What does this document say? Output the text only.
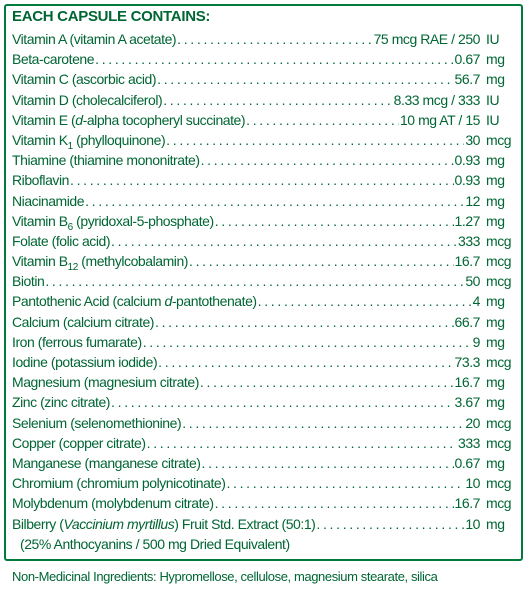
EACH CAPSULE CONTAINS:
Vitamin A (vitamin A acetate) . . .	75 mcg RAE / 250 IU
Beta-carotene . . .	0.67 mg
Vitamin C (ascorbic acid) . . .	56.7 mg
Vitamin D (cholecalciferol) . . .	8.33 mcg / 333 IU
Vitamin E (d-alpha tocopheryl succinate) . . .	10 mg AT / 15 IU
Vitamin $K_1$ (phylloquinone) . . .	30 mcg
Thiamine (thiamine mononitrate) . . .	0.93 mg
Riboflavin . . .	0.93 mg
Niacinamide . . .	12 mg
Vitamin $B_6$ (pyridoxal-5-phosphate) . . .	1.27 mg
Folate (folic acid) . . .	333 mcg
Vitamin $B_{12}$ (methylcobalamin) . . .	16.7 mcg
Biotin . . .	50 mcg
Pantothenic Acid (calcium d-pantothenate) . . .	4 mg
Calcium (calcium citrate) . . .	66.7 mg
Iron (ferrous fumarate) . . .	9 mg
Iodine (potassium iodide) . . .	73.3 mcg
Magnesium (magnesium citrate) . . .	16.7 mg
Zinc (zinc citrate) . . .	3.67 mg
Selenium (selenomethionine) . . .	20 mcg
Copper (copper citrate) . . .	333 mcg
Manganese (manganese citrate) . . .	0.67 mg
Chromium (chromium polynicotinate) . . .	10 mcg
Molybdenum (molybdenum citrate) . . .	16.7 mcg
Bilberry (Vaccinium myrtillus) Fruit Std. Extract (50:1) . . .	10 mg
(25% Anthocyanins / 500 mg Dried Equivalent)
Non-Medicinal Ingredients: Hypromellose, cellulose, magnesium stearate, silica
